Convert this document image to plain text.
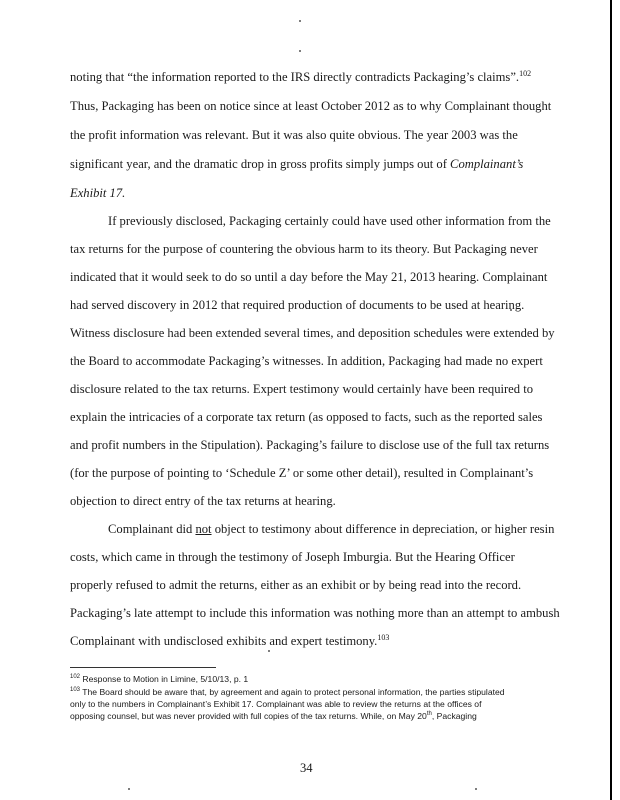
noting that “the information reported to the IRS directly contradicts Packaging’s claims”.$^{102}$
Thus, Packaging has been on notice since at least October 2012 as to why Complainant thought
the profit information was relevant. But it was also quite obvious. The year 2003 was the
significant year, and the dramatic drop in gross profits simply jumps out of Complainant’s
Exhibit 17.
If previously disclosed, Packaging certainly could have used other information from the
tax returns for the purpose of countering the obvious harm to its theory. But Packaging never
indicated that it would seek to do so until a day before the May 21, 2013 hearing. Complainant
had served discovery in 2012 that required production of documents to be used at hearing.
Witness disclosure had been extended several times, and deposition schedules were extended by
the Board to accommodate Packaging’s witnesses. In addition, Packaging had made no expert
disclosure related to the tax returns. Expert testimony would certainly have been required to
explain the intricacies of a corporate tax return (as opposed to facts, such as the reported sales
and profit numbers in the Stipulation). Packaging’s failure to disclose use of the full tax returns
(for the purpose of pointing to ‘Schedule Z’ or some other detail), resulted in Complainant’s
objection to direct entry of the tax returns at hearing.
Complainant did not object to testimony about difference in depreciation, or higher resin
costs, which came in through the testimony of Joseph Imburgia. But the Hearing Officer
properly refused to admit the returns, either as an exhibit or by being read into the record.
Packaging’s late attempt to include this information was nothing more than an attempt to ambush
Complainant with undisclosed exhibits and expert testimony.$^{103}$
$^{102}$ Response to Motion in Limine, 5/10/13, p. 1
$^{103}$ The Board should be aware that, by agreement and again to protect personal information, the parties stipulated
only to the numbers in Complainant’s Exhibit 17. Complainant was able to review the returns at the offices of
opposing counsel, but was never provided with full copies of the tax returns. While, on May 20th, Packaging
34
